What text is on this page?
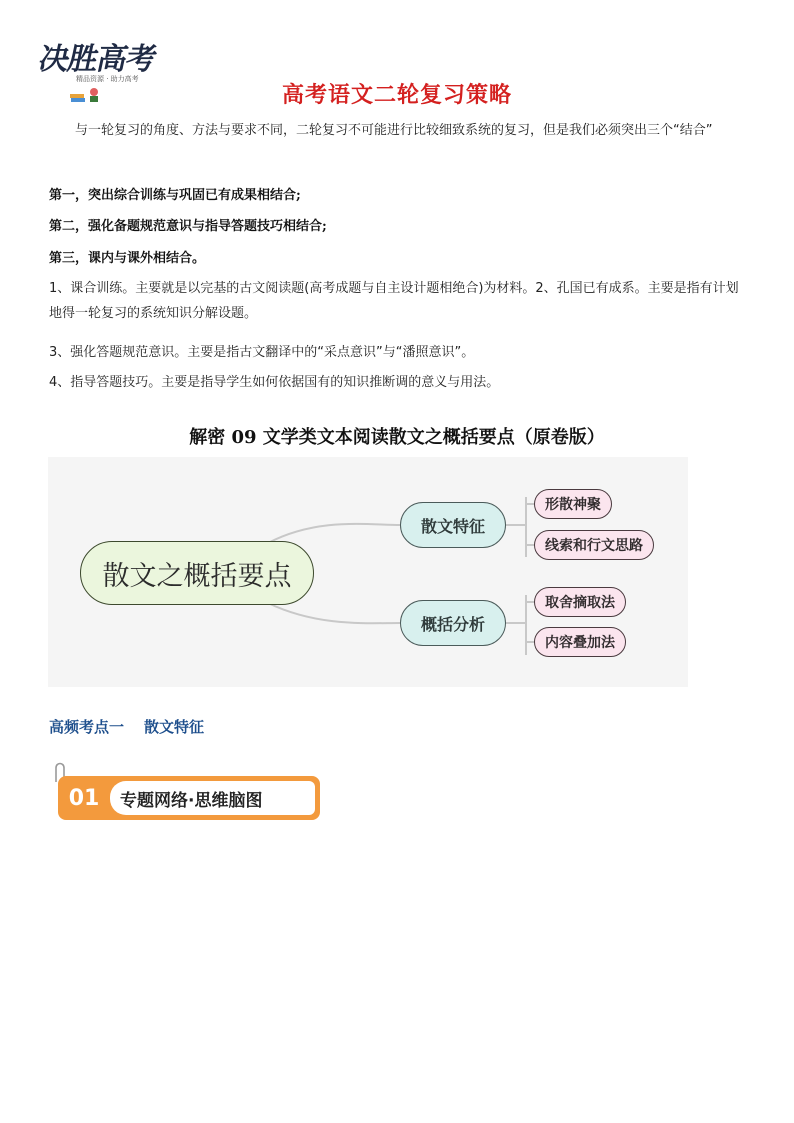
决胜高考
精品资源 · 助力高考
高考语文二轮复习策略
与一轮复习的角度、方法与要求不同，二轮复习不可能进行比较细致系统的复习，但是我们必须突出三个“结合”
第一，突出综合训练与巩固已有成果相结合;
第二，强化备题规范意识与指导答题技巧相结合;
第三，课内与课外相结合。
1、课合训练。主要就是以完基的古文阅读题(高考成题与自主设计题相绝合)为材料。2、孔国已有成系。主要是指有计划地得一轮复习的系统知识分解设题。
3、强化答题规范意识。主要是指古文翻译中的“采点意识”与“潘照意识”。
4、指导答题技巧。主要是指导学生如何依据国有的知识推断调的意义与用法。
解密 09 文学类文本阅读散文之概括要点（原卷版）
散文之概括要点
散文特征
概括分析
形散神聚
线索和行文思路
取舍摘取法
内容叠加法
高频考点一 散文特征
01	专题网络·思维脑图
